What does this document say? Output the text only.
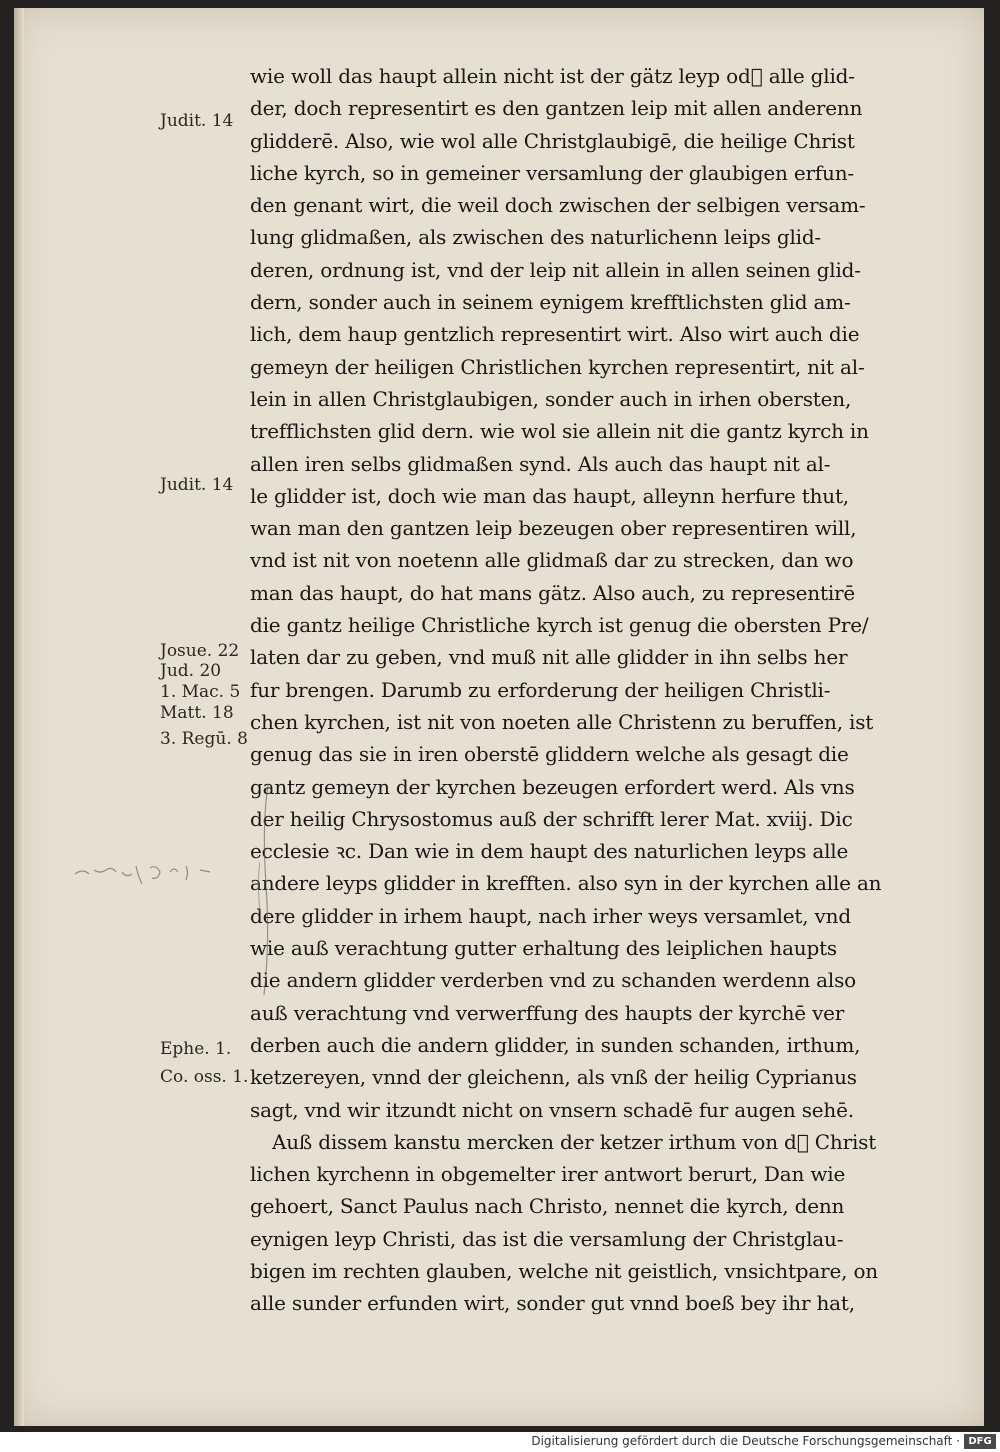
wie woll das haupt allein nicht ist der gätz leyp od᷑ alle glid‑
der, doch representirt es den gantzen leip mit allen anderenn
glidderē. Also, wie wol alle Christglaubigē, die heilige Christ
liche kyrch, so in gemeiner versamlung der glaubigen erfun‑
den genant wirt, die weil doch zwischen der selbigen versam‑
lung glidmaßen, als zwischen des naturlichenn leips glid‑
deren, ordnung ist, vnd der leip nit allein in allen seinen glid‑
dern, sonder auch in seinem eynigem krefftlichsten glid am‑
lich, dem haup gentzlich representirt wirt. Also wirt auch die
gemeyn der heiligen Christlichen kyrchen representirt, nit al‑
lein in allen Christglaubigen, sonder auch in irhen obersten,
trefflichsten glid dern. wie wol sie allein nit die gantz kyrch in
allen iren selbs glidmaßen synd. Als auch das haupt nit al‑
le glidder ist, doch wie man das haupt, alleynn herfure thut,
wan man den gantzen leip bezeugen ober representiren will,
vnd ist nit von noetenn alle glidmaß dar zu strecken, dan wo
man das haupt, do hat mans gätz. Also auch, zu representirē
die gantz heilige Christliche kyrch ist genug die obersten Pre/
laten dar zu geben, vnd muß nit alle glidder in ihn selbs her
fur brengen. Darumb zu erforderung der heiligen Christli‑
chen kyrchen, ist nit von noeten alle Christenn zu beruffen, ist
genug das sie in iren oberstē gliddern welche als gesagt die
gantz gemeyn der kyrchen bezeugen erfordert werd. Als vns
der heilig Chrysostomus auß der schrifft lerer Mat. xviij. Dic
ecclesie ꝛc. Dan wie in dem haupt des naturlichen leyps alle
andere leyps glidder in krefften. also syn in der kyrchen alle an
dere glidder in irhem haupt, nach irher weys versamlet, vnd
wie auß verachtung gutter erhaltung des leiplichen haupts
die andern glidder verderben vnd zu schanden werdenn also
auß verachtung vnd verwerffung des haupts der kyrchē ver
derben auch die andern glidder, in sunden schanden, irthum,
ketzereyen, vnnd der gleichenn, als vnß der heilig Cyprianus
sagt, vnd wir itzundt nicht on vnsern schadē fur augen sehē.
Auß dissem kanstu mercken der ketzer irthum von d᷑ Christ
lichen kyrchenn in obgemelter irer antwort berurt, Dan wie
gehoert, Sanct Paulus nach Christo, nennet die kyrch, denn
eynigen leyp Christi, das ist die versamlung der Christglau‑
bigen im rechten glauben, welche nit geistlich, vnsichtpare, on
alle sunder erfunden wirt, sonder gut vnnd boeß bey ihr hat,
Judit. 14
Judit. 14
Josue. 22
Jud. 20
1. Mac. 5
Matt. 18
3. Regū. 8
Ephe. 1.
Co. oss. 1.
Digitalisierung gefördert durch die Deutsche Forschungsgemeinschaft · DFG
